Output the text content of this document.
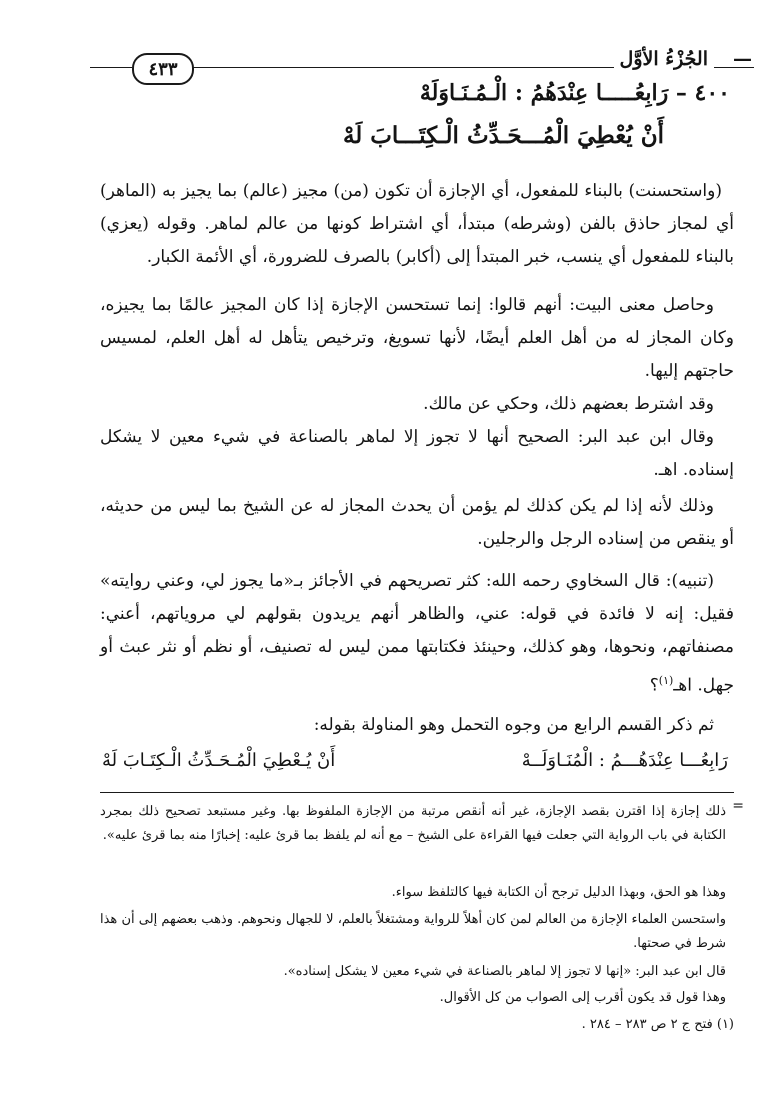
—
الجُزْءُ الأوَّل
٤٣٣
٤٠٠ – رَابِعُـــــا عِنْدَهُمُ : الْـمُـنَـاوَلَهْ
أَنْ يُعْطِيَ الْمُـــحَـدِّثُ الْـكِتَـــابَ لَهْ
(واستحسنت) بالبناء للمفعول، أي الإجازة أن تكون (من) مجيز (عالم) بما يجيز به (الماهر) أي لمجاز حاذق بالفن (وشرطه) مبتدأ، أي اشتراط كونها من عالم لماهر. وقوله (يعزي) بالبناء للمفعول أي ينسب، خبر المبتدأ إلى (أكابر) بالصرف للضرورة، أي الأئمة الكبار.
وحاصل معنى البيت: أنهم قالوا: إنما تستحسن الإجازة إذا كان المجيز عالمًا بما يجيزه، وكان المجاز له من أهل العلم أيضًا، لأنها تسويغ، وترخيص يتأهل له أهل العلم، لمسيس حاجتهم إليها.
وقد اشترط بعضهم ذلك، وحكي عن مالك.
وقال ابن عبد البر: الصحيح أنها لا تجوز إلا لماهر بالصناعة في شيء معين لا يشكل إسناده. اهـ.
وذلك لأنه إذا لم يكن كذلك لم يؤمن أن يحدث المجاز له عن الشيخ بما ليس من حديثه، أو ينقص من إسناده الرجل والرجلين.
(تنبيه): قال السخاوي رحمه الله: كثر تصريحهم في الأجائز بـ«ما يجوز لي، وعني روايته» فقيل: إنه لا فائدة في قوله: عني، والظاهر أنهم يريدون بقولهم لي مروياتهم، أعني: مصنفاتهم، ونحوها، وهو كذلك، وحينئذ فكتابتها ممن ليس له تصنيف، أو نظم أو نثر عبث أو جهل. اهـ$^{(١)}$؟
ثم ذكر القسم الرابع من وجوه التحمل وهو المناولة بقوله:
رَابِعُـــا عِنْدَهُـــمُ : الْمُنَـاوَلَــهْ
أَنْ يُـعْطِيَ الْمُـحَـدِّثُ الْـكِتَـابَ لَهْ
=
ذلك إجازة إذا اقترن بقصد الإجازة، غير أنه أنقص مرتبة من الإجازة الملفوظ بها. وغير مستبعد تصحيح ذلك بمجرد الكتابة في باب الرواية التي جعلت فيها القراءة على الشيخ – مع أنه لم يلفظ بما قرئ عليه: إخبارًا منه بما قرئ عليه».
وهذا هو الحق، وبهذا الدليل ترجح أن الكتابة فيها كالتلفظ سواء.
واستحسن العلماء الإجازة من العالم لمن كان أهلاً للرواية ومشتغلاً بالعلم، لا للجهال ونحوهم. وذهب بعضهم إلى أن هذا شرط في صحتها.
قال ابن عبد البر: «إنها لا تجوز إلا لماهر بالصناعة في شيء معين لا يشكل إسناده».
وهذا قول قد يكون أقرب إلى الصواب من كل الأقوال.
(١) فتح ج ٢ ص ٢٨٣ – ٢٨٤ .
